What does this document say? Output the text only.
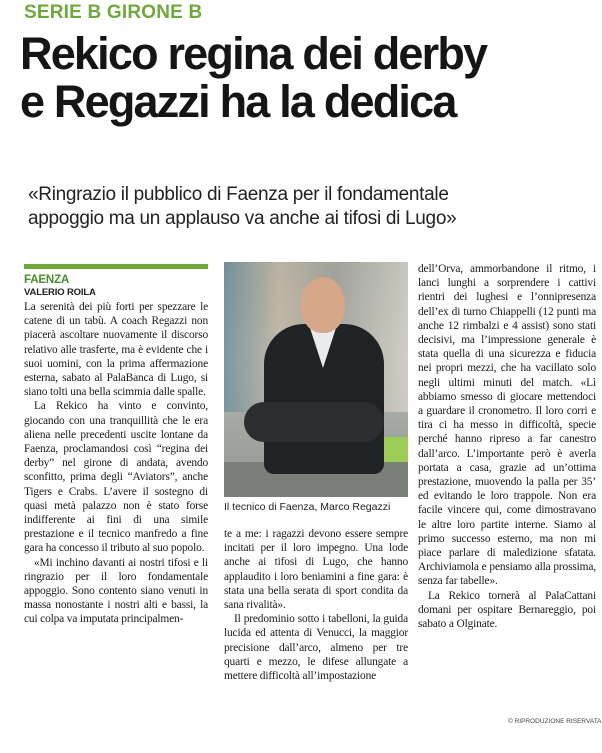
SERIE B GIRONE B
Rekico regina dei derby
e Regazzi ha la dedica
«Ringrazio il pubblico di Faenza per il fondamentale
appoggio ma un applauso va anche ai tifosi di Lugo»
FAENZA
VALERIO ROILA

La serenità dei più forti per spezzare le catene di un tabù. A coach Regazzi non piacerà ascoltare nuovamente il discorso relativo alle trasferte, ma è evidente che i suoi uomini, con la prima affermazione esterna, sabato al PalaBanca di Lugo, si siano tolti una bella scimmia dalle spalle.

La Rekico ha vinto e convinto, giocando con una tranquillità che le era aliena nelle precedenti uscite lontane da Faenza, proclamandosi così “regina dei derby” nel girone di andata, avendo sconfitto, prima degli “Aviators”, anche Tigers e Crabs. L’avere il sostegno di quasi metà palazzo non è stato forse indifferente ai fini di una simile prestazione e il tecnico manfredo a fine gara ha concesso il tributo al suo popolo.

«Mi inchino davanti ai nostri tifosi e li ringrazio per il loro fondamentale appoggio. Sono contento siano venuti in massa nonostante i nostri alti e bassi, la cui colpa va imputata principalmen-

Il tecnico di Faenza, Marco Regazzi

te a me: i ragazzi devono essere sempre incitati per il loro impegno. Una lode anche ai tifosi di Lugo, che hanno applaudito i loro beniamini a fine gara: è stata una bella serata di sport condita da sana rivalità».

Il predominio sotto i tabelloni, la guida lucida ed attenta di Venucci, la maggior precisione dall’arco, almeno per tre quarti e mezzo, le difese allungate a mettere difficoltà all’impostazione

dell’Orva, ammorbandone il ritmo, i lanci lunghi a sorprendere i cattivi rientri dei lughesi e l’onnipresenza dell’ex di turno Chiappelli (12 punti ma anche 12 rimbalzi e 4 assist) sono stati decisivi, ma l’impressione generale è stata quella di una sicurezza e fiducia nei propri mezzi, che ha vacillato solo negli ultimi minuti del match. «Lì abbiamo smesso di giocare mettendoci a guardare il cronometro. Il loro corri e tira ci ha messo in difficoltà, specie perché hanno ripreso a far canestro dall’arco. L’importante però è averla portata a casa, grazie ad un’ottima prestazione, muovendo la palla per 35’ ed evitando le loro trappole. Non era facile vincere qui, come dimostravano le altre loro partite interne. Siamo al primo successo esterno, ma non mi piace parlare di maledizione sfatata. Archiviamola e pensiamo alla prossima, senza far tabelle».

La Rekico tornerà al PalaCattani domani per ospitare Bernareggio, poi sabato a Olginate.

© RIPRODUZIONE RISERVATA
